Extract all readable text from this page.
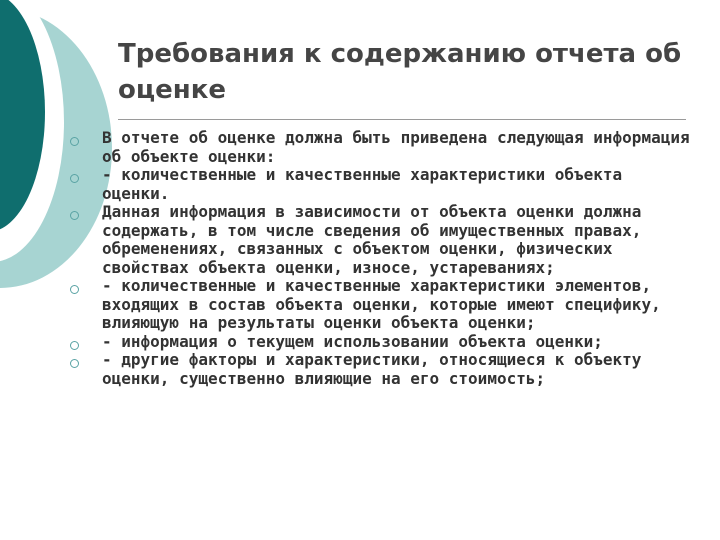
Требования к содержанию отчета об оценке
В отчете об оценке должна быть приведена следующая информация об объекте оценки:
- количественные и качественные характеристики объекта оценки.
Данная информация в зависимости от объекта оценки должна содержать, в том числе сведения об имущественных правах, обременениях, связанных с объектом оценки, физических свойствах объекта оценки, износе, устареваниях;
- количественные и качественные характеристики элементов, входящих в состав объекта оценки, которые имеют специфику, влияющую на результаты оценки объекта оценки;
- информация о текущем использовании объекта оценки;
- другие факторы и характеристики, относящиеся к объекту оценки, существенно влияющие на его стоимость;
